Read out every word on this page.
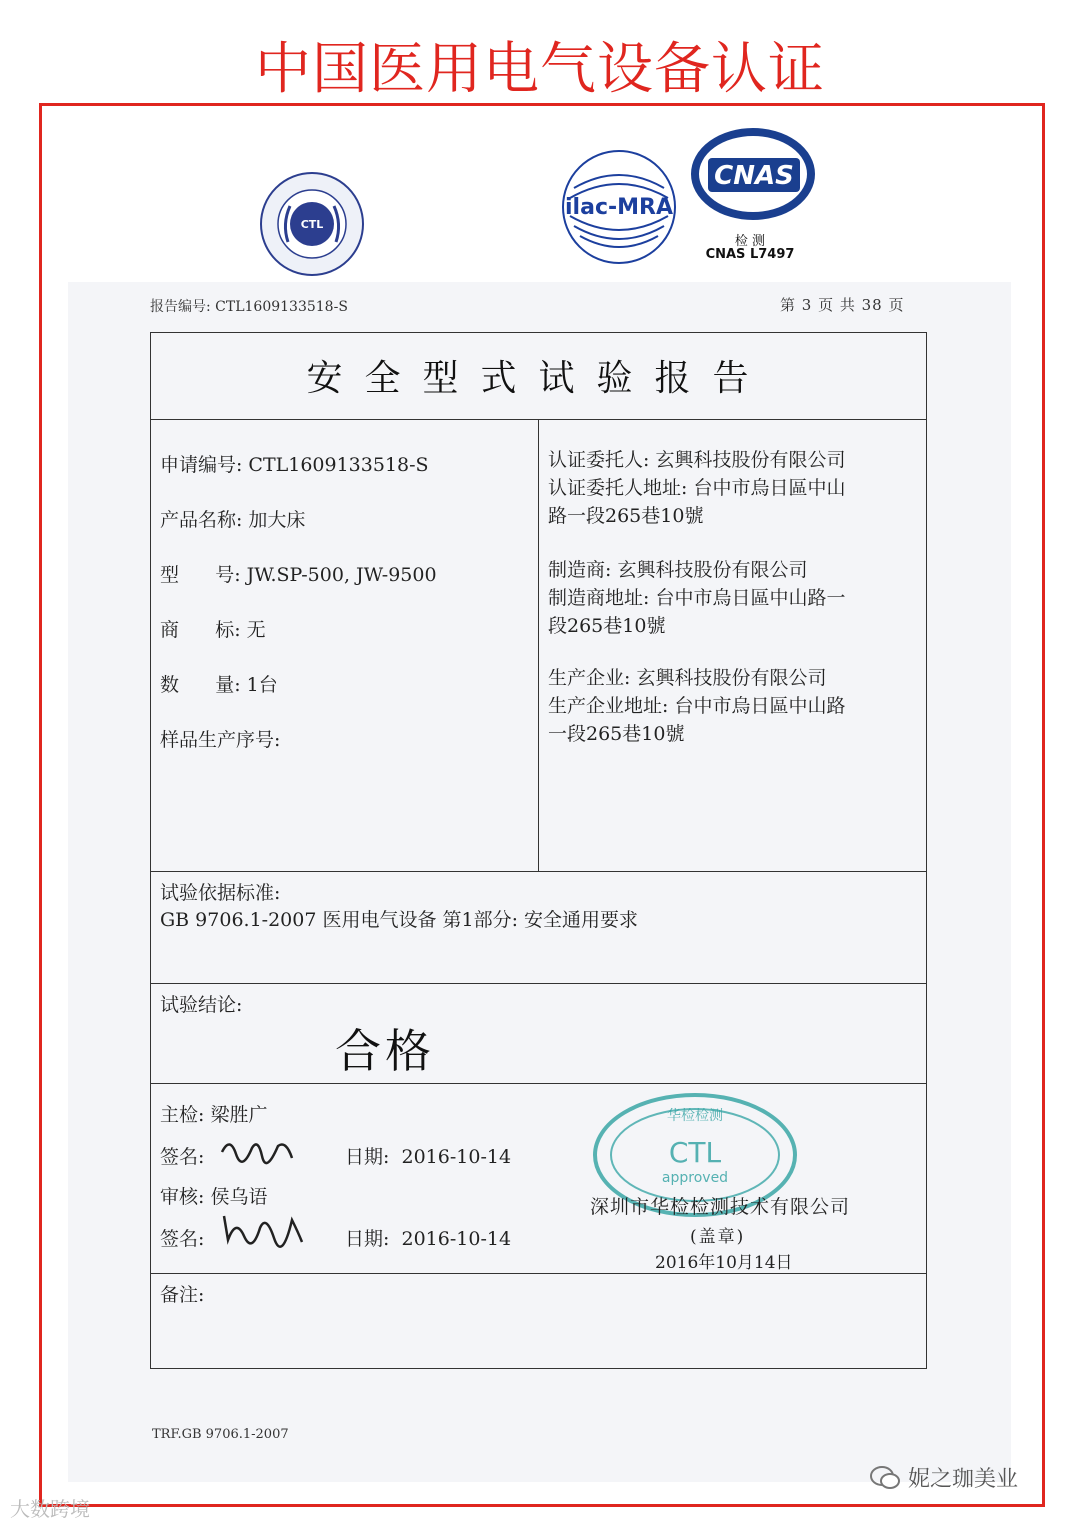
中国医用电气设备认证
CTL
ilac-MRA
CNAS
检 测
CNAS L7497
报告编号: CTL1609133518-S	第 3 页 共 38 页
安全型式试验报告
申请编号: CTL1609133518-S
产品名称: 加大床
型      号: JW.SP-500, JW-9500
商      标: 无
数      量: 1台
样品生产序号:
认证委托人: 玄興科技股份有限公司
认证委托人地址: 台中市烏日區中山
路一段265巷10號
制造商: 玄興科技股份有限公司
制造商地址: 台中市烏日區中山路一
段265巷10號
生产企业: 玄興科技股份有限公司
生产企业地址: 台中市烏日區中山路
一段265巷10號
试验依据标准:
GB 9706.1-2007 医用电气设备 第1部分: 安全通用要求
试验结论:
合格
主检: 梁胜广
签名:	日期: 2016-10-14
审核: 侯乌语
签名:	日期: 2016-10-14
华检检测
CTL
approved
深圳市华检检测技术有限公司
(盖章)
2016年10月14日
备注:
TRF.GB 9706.1-2007
妮之珈美业
大数跨境
